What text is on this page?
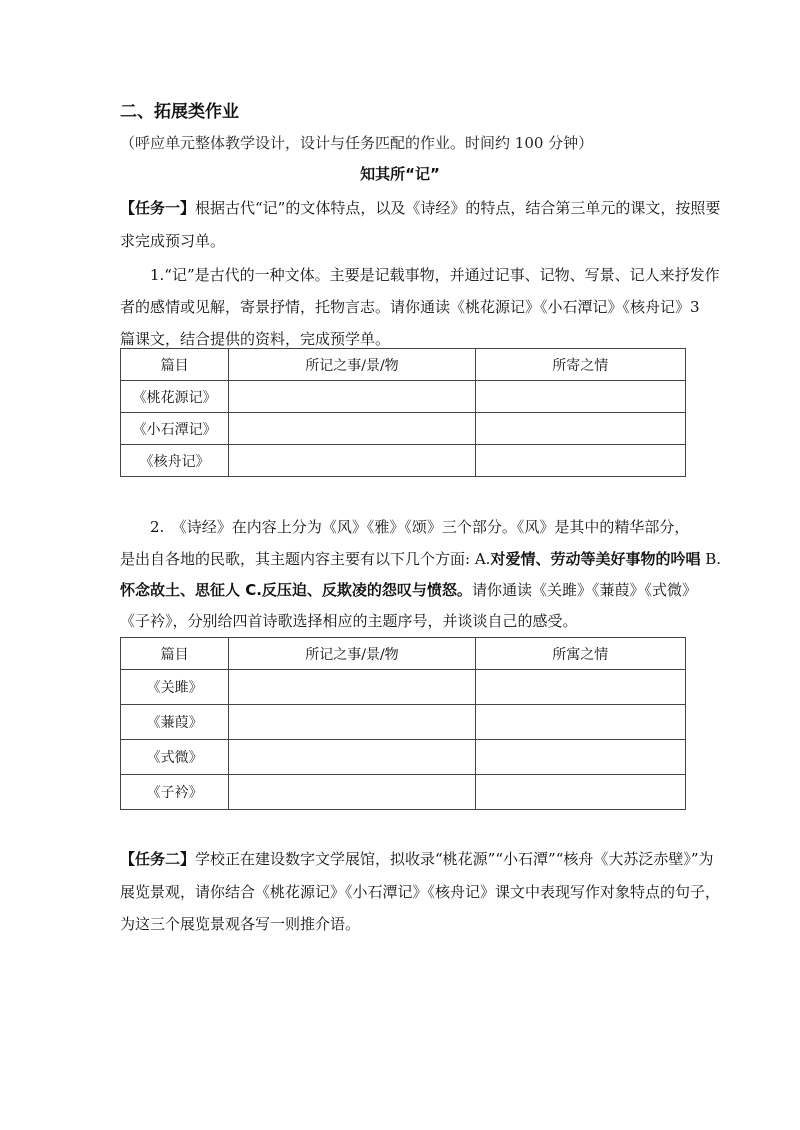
二、拓展类作业
（呼应单元整体教学设计，设计与任务匹配的作业。时间约 100 分钟）
知其所“记”
【任务一】根据古代“记”的文体特点，以及《诗经》的特点，结合第三单元的课文，按照要
求完成预习单。
1.“记”是古代的一种文体。主要是记载事物，并通过记事、记物、写景、记人来抒发作
者的感情或见解，寄景抒情，托物言志。请你通读《桃花源记》《小石潭记》《核舟记》3
篇课文，结合提供的资料，完成预学单。
篇目	所记之事/景/物	所寄之情
《桃花源记》		
《小石潭记》		
《核舟记》		
2.　《诗经》在内容上分为《风》《雅》《颂》三个部分。《风》是其中的精华部分，
是出自各地的民歌，其主题内容主要有以下几个方面: A.对爱情、劳动等美好事物的吟唱 B.
怀念故土、思征人 C.反压迫、反欺凌的怨叹与愤怒。请你通读《关雎》《蒹葭》《式微》
《子衿》，分别给四首诗歌选择相应的主题序号，并谈谈自己的感受。
篇目	所记之事/景/物	所寓之情
《关雎》		
《蒹葭》		
《式微》		
《子衿》		
【任务二】学校正在建设数字文学展馆，拟收录“桃花源”“小石潭”“核舟《大苏泛赤壁》”为
展览景观，请你结合《桃花源记》《小石潭记》《核舟记》课文中表现写作对象特点的句子，
为这三个展览景观各写一则推介语。
